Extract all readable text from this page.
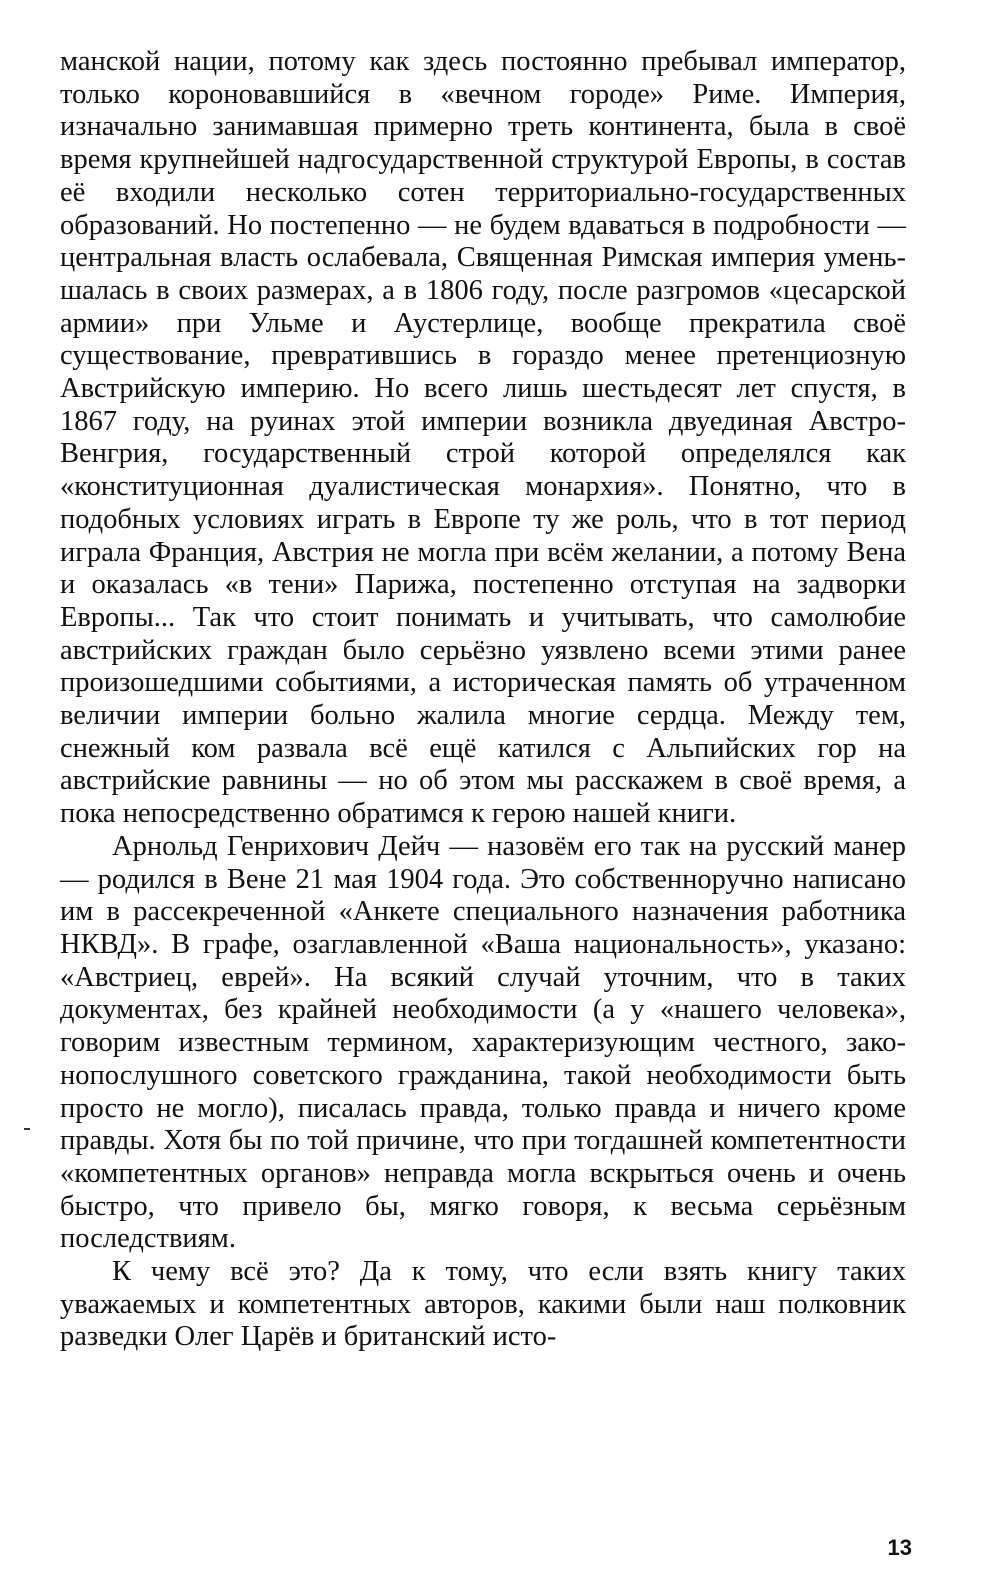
манской нации, потому как здесь постоянно пребывал император, только короновавшийся в «вечном городе» Риме. Империя, изначально занимавшая примерно треть континента, была в своё время крупнейшей надгосударственной структурой Европы, в состав её входили несколько сотен территориально-государственных образований. Но постепенно — не будем вдаваться в подробности — центральная власть ослабевала, Священная Римская империя уменьшалась в своих размерах, а в 1806 году, после разгромов «цесарской армии» при Ульме и Аустерлице, вообще прекратила своё существование, превратившись в гораздо менее претенциозную Австрийскую империю. Но всего лишь шестьдесят лет спустя, в 1867 году, на руинах этой империи возникла двуединая Австро-Венгрия, государственный строй которой определялся как «конституционная дуалистическая монархия». Понятно, что в подобных условиях играть в Европе ту же роль, что в тот период играла Франция, Австрия не могла при всём желании, а потому Вена и оказалась «в тени» Парижа, постепенно отступая на задворки Европы... Так что стоит понимать и учитывать, что самолюбие австрийских граждан было серьёзно уязвлено всеми этими ранее произошедшими событиями, а историческая память об утраченном величии империи больно жалила многие сердца. Между тем, снежный ком развала всё ещё катился с Альпийских гор на австрийские равнины — но об этом мы расскажем в своё время, а пока непосредственно обратимся к герою нашей книги.

Арнольд Генрихович Дейч — назовём его так на русский манер — родился в Вене 21 мая 1904 года. Это собственноручно написано им в рассекреченной «Анкете специального назначения работника НКВД». В графе, озаглавленной «Ваша национальность», указано: «Австриец, еврей». На всякий случай уточним, что в таких документах, без крайней необходимости (а у «нашего человека», говорим известным термином, характеризующим честного, законопослушного советского гражданина, такой необходимости быть просто не могло), писалась правда, только правда и ничего кроме правды. Хотя бы по той причине, что при тогдашней компетентности «компетентных органов» неправда могла вскрыться очень и очень быстро, что привело бы, мягко говоря, к весьма серьёзным последствиям.

К чему всё это? Да к тому, что если взять книгу таких уважаемых и компетентных авторов, какими были наш полковник разведки Олег Царёв и британский исто-

13
